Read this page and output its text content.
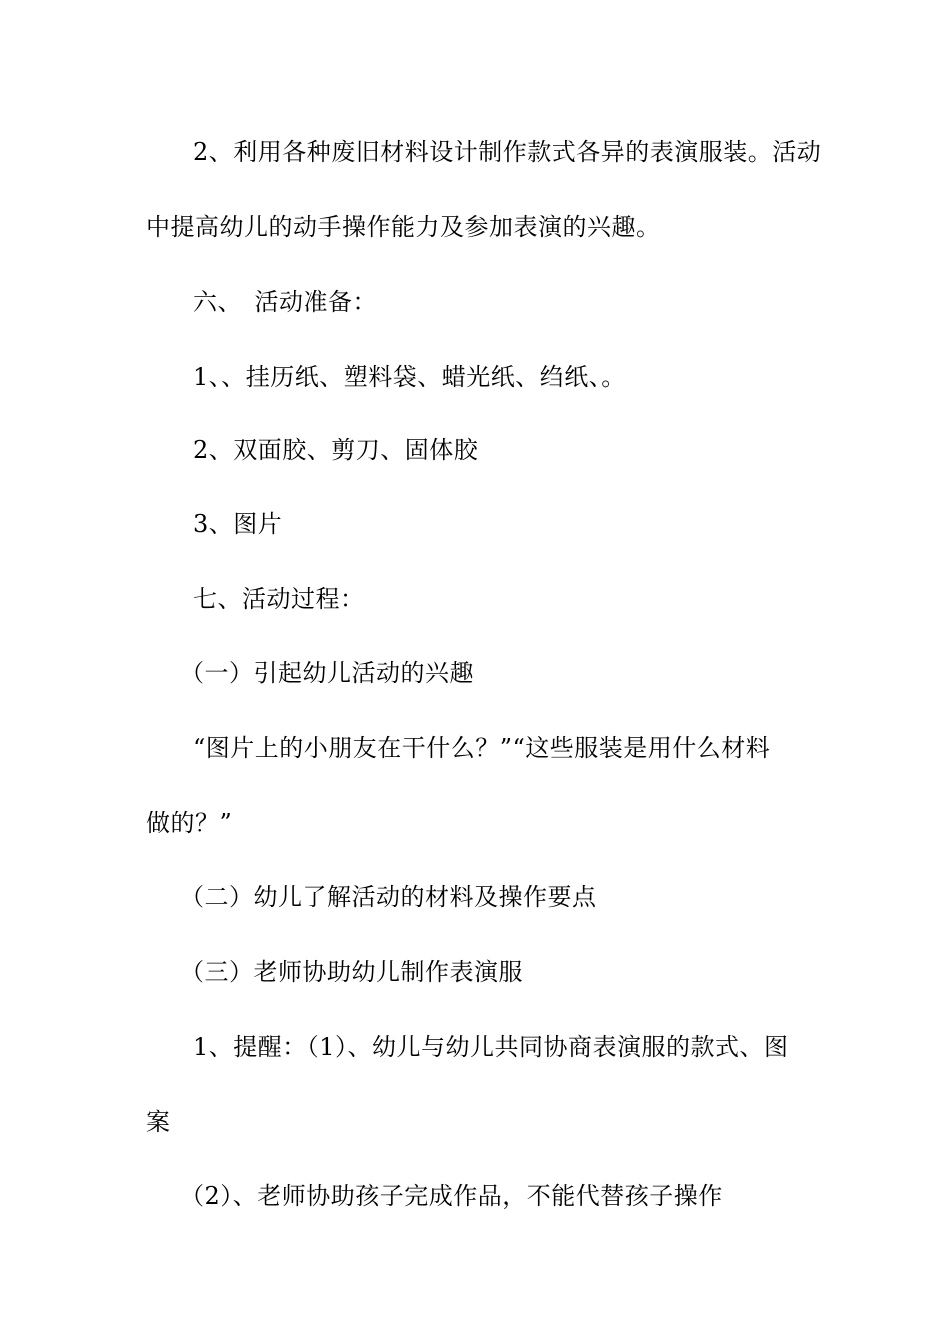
2、利用各种废旧材料设计制作款式各异的表演服装。活动
中提高幼儿的动手操作能力及参加表演的兴趣。
六、　活动准备：
1、、挂历纸、塑料袋、蜡光纸、绉纸、。
2、双面胶、剪刀、固体胶
3、图片
七、活动过程：
（一）引起幼儿活动的兴趣
“图片上的小朋友在干什么？”“这些服装是用什么材料
做的？”
（二）幼儿了解活动的材料及操作要点
（三）老师协助幼儿制作表演服
1、提醒：（1）、幼儿与幼儿共同协商表演服的款式、图
案
（2）、老师协助孩子完成作品，不能代替孩子操作
